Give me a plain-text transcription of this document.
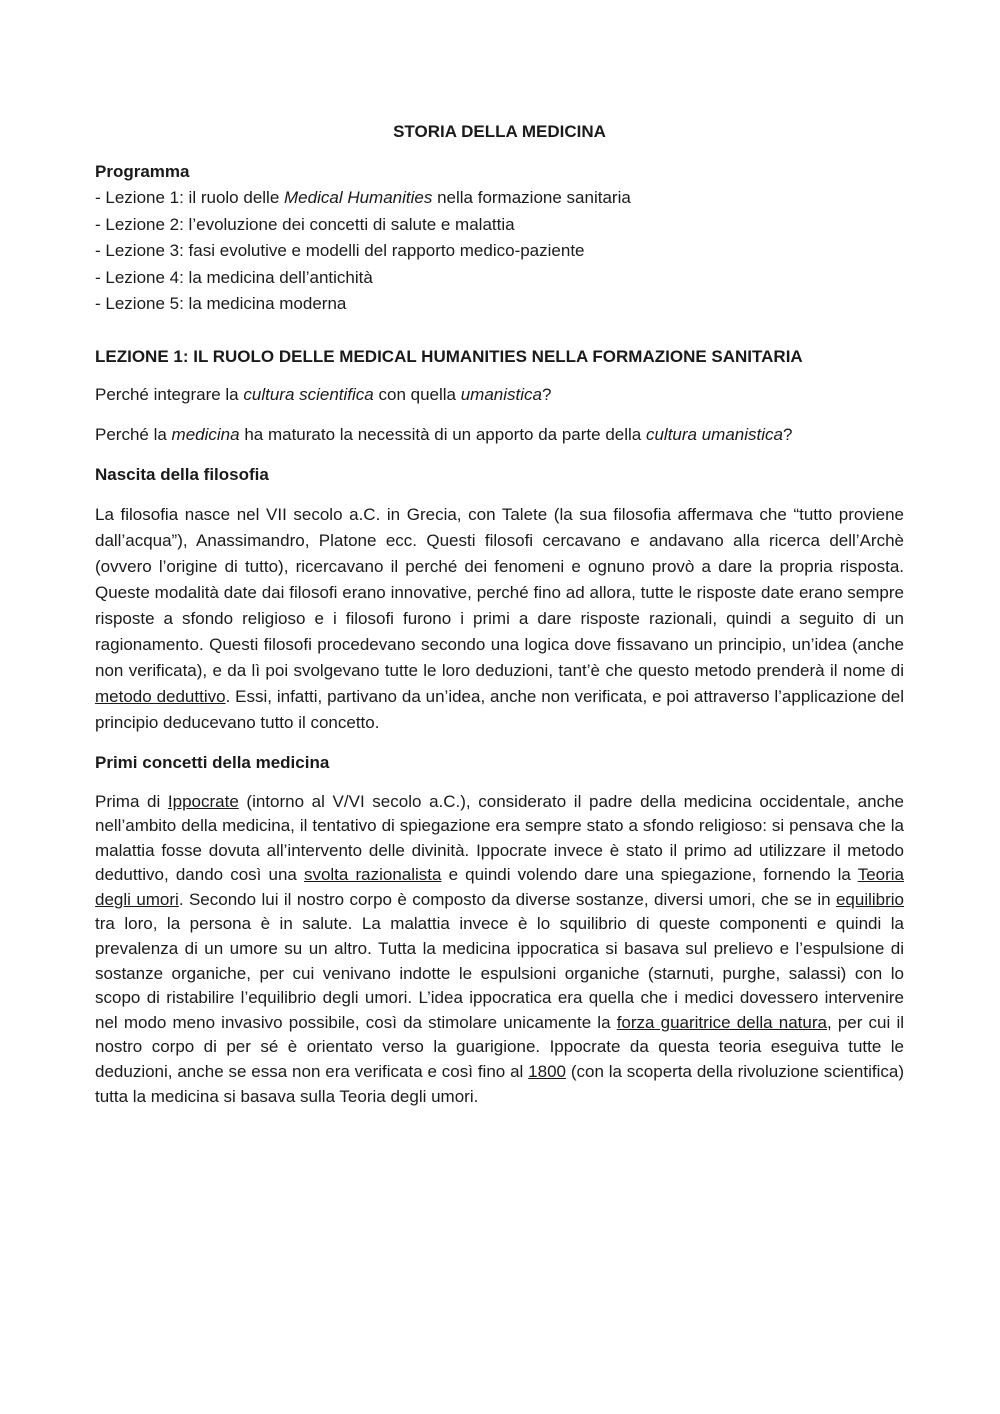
STORIA DELLA MEDICINA
Programma
- Lezione 1: il ruolo delle Medical Humanities nella formazione sanitaria
- Lezione 2: l’evoluzione dei concetti di salute e malattia
- Lezione 3: fasi evolutive e modelli del rapporto medico-paziente
- Lezione 4: la medicina dell’antichità
- Lezione 5: la medicina moderna
LEZIONE 1: IL RUOLO DELLE MEDICAL HUMANITIES NELLA FORMAZIONE SANITARIA

Perché integrare la cultura scientifica con quella umanistica?

Perché la medicina ha maturato la necessità di un apporto da parte della cultura umanistica?

Nascita della filosofia

La filosofia nasce nel VII secolo a.C. in Grecia, con Talete (la sua filosofia affermava che “tutto proviene dall’acqua”), Anassimandro, Platone ecc. Questi filosofi cercavano e andavano alla ricerca dell’Archè (ovvero l’origine di tutto), ricercavano il perché dei fenomeni e ognuno provò a dare la propria risposta. Queste modalità date dai filosofi erano innovative, perché fino ad allora, tutte le risposte date erano sempre risposte a sfondo religioso e i filosofi furono i primi a dare risposte razionali, quindi a seguito di un ragionamento. Questi filosofi procedevano secondo una logica dove fissavano un principio, un’idea (anche non verificata), e da lì poi svolgevano tutte le loro deduzioni, tant’è che questo metodo prenderà il nome di metodo deduttivo. Essi, infatti, partivano da un’idea, anche non verificata, e poi attraverso l’applicazione del principio deducevano tutto il concetto.

Primi concetti della medicina

Prima di Ippocrate (intorno al V/VI secolo a.C.), considerato il padre della medicina occidentale, anche nell’ambito della medicina, il tentativo di spiegazione era sempre stato a sfondo religioso: si pensava che la malattia fosse dovuta all’intervento delle divinità. Ippocrate invece è stato il primo ad utilizzare il metodo deduttivo, dando così una svolta razionalista e quindi volendo dare una spiegazione, fornendo la Teoria degli umori. Secondo lui il nostro corpo è composto da diverse sostanze, diversi umori, che se in equilibrio tra loro, la persona è in salute. La malattia invece è lo squilibrio di queste componenti e quindi la prevalenza di un umore su un altro. Tutta la medicina ippocratica si basava sul prelievo e l’espulsione di sostanze organiche, per cui venivano indotte le espulsioni organiche (starnuti, purghe, salassi) con lo scopo di ristabilire l’equilibrio degli umori. L’idea ippocratica era quella che i medici dovessero intervenire nel modo meno invasivo possibile, così da stimolare unicamente la forza guaritrice della natura, per cui il nostro corpo di per sé è orientato verso la guarigione. Ippocrate da questa teoria eseguiva tutte le deduzioni, anche se essa non era verificata e così fino al 1800 (con la scoperta della rivoluzione scientifica) tutta la medicina si basava sulla Teoria degli umori.
